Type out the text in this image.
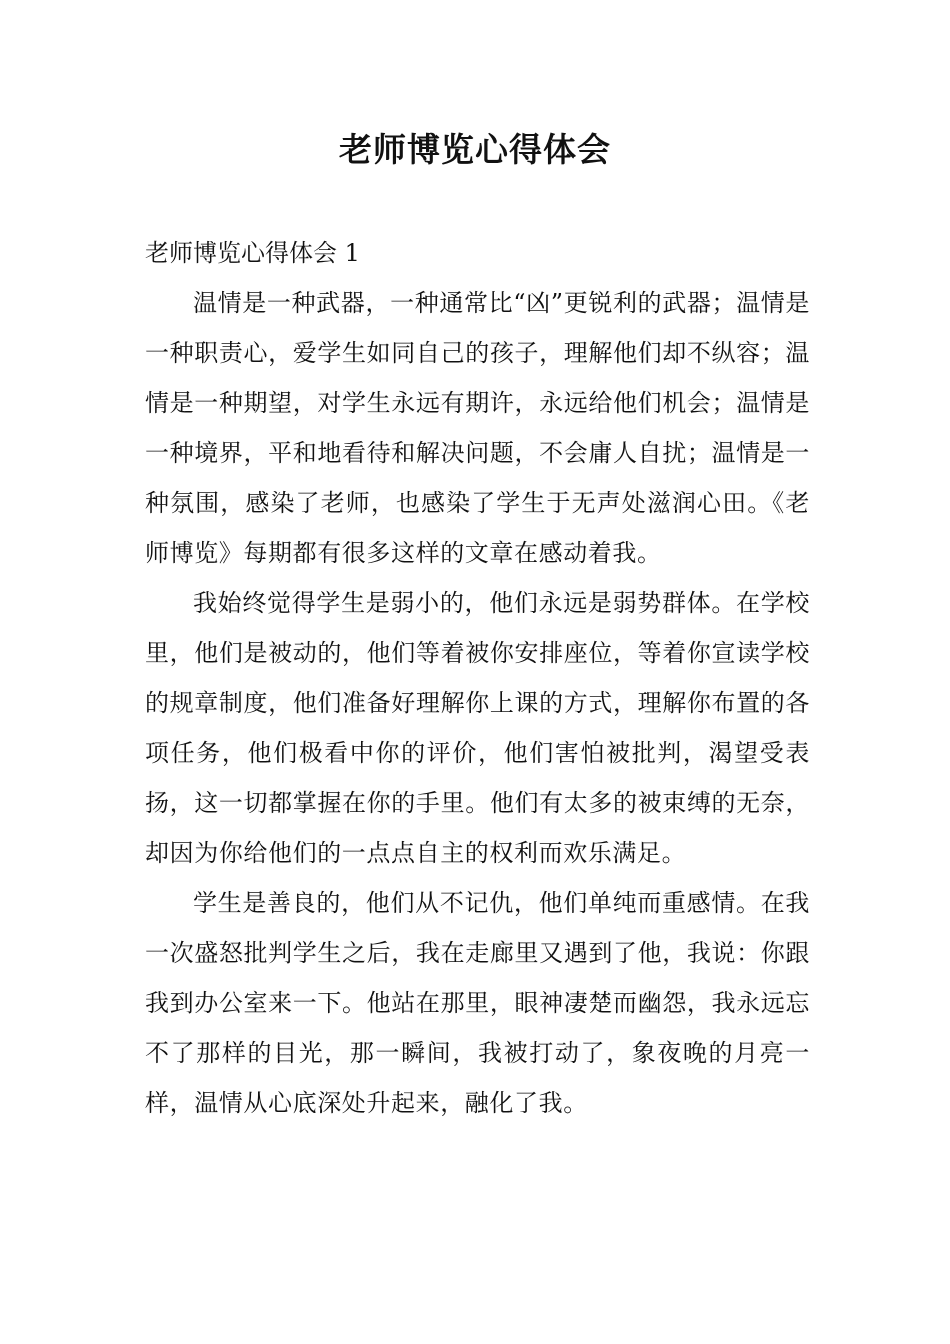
老师博览心得体会

老师博览心得体会 1

温情是一种武器，一种通常比“凶”更锐利的武器；温情是一种职责心，爱学生如同自己的孩子，理解他们却不纵容；温情是一种期望，对学生永远有期许，永远给他们机会；温情是一种境界，平和地看待和解决问题，不会庸人自扰；温情是一种氛围，感染了老师，也感染了学生于无声处滋润心田。《老师博览》每期都有很多这样的文章在感动着我。

我始终觉得学生是弱小的，他们永远是弱势群体。在学校里，他们是被动的，他们等着被你安排座位，等着你宣读学校的规章制度，他们准备好理解你上课的方式，理解你布置的各项任务，他们极看中你的评价，他们害怕被批判，渴望受表扬，这一切都掌握在你的手里。他们有太多的被束缚的无奈，却因为你给他们的一点点自主的权利而欢乐满足。

学生是善良的，他们从不记仇，他们单纯而重感情。在我一次盛怒批判学生之后，我在走廊里又遇到了他，我说：你跟我到办公室来一下。他站在那里，眼神凄楚而幽怨，我永远忘不了那样的目光，那一瞬间，我被打动了，象夜晚的月亮一样，温情从心底深处升起来，融化了我。
